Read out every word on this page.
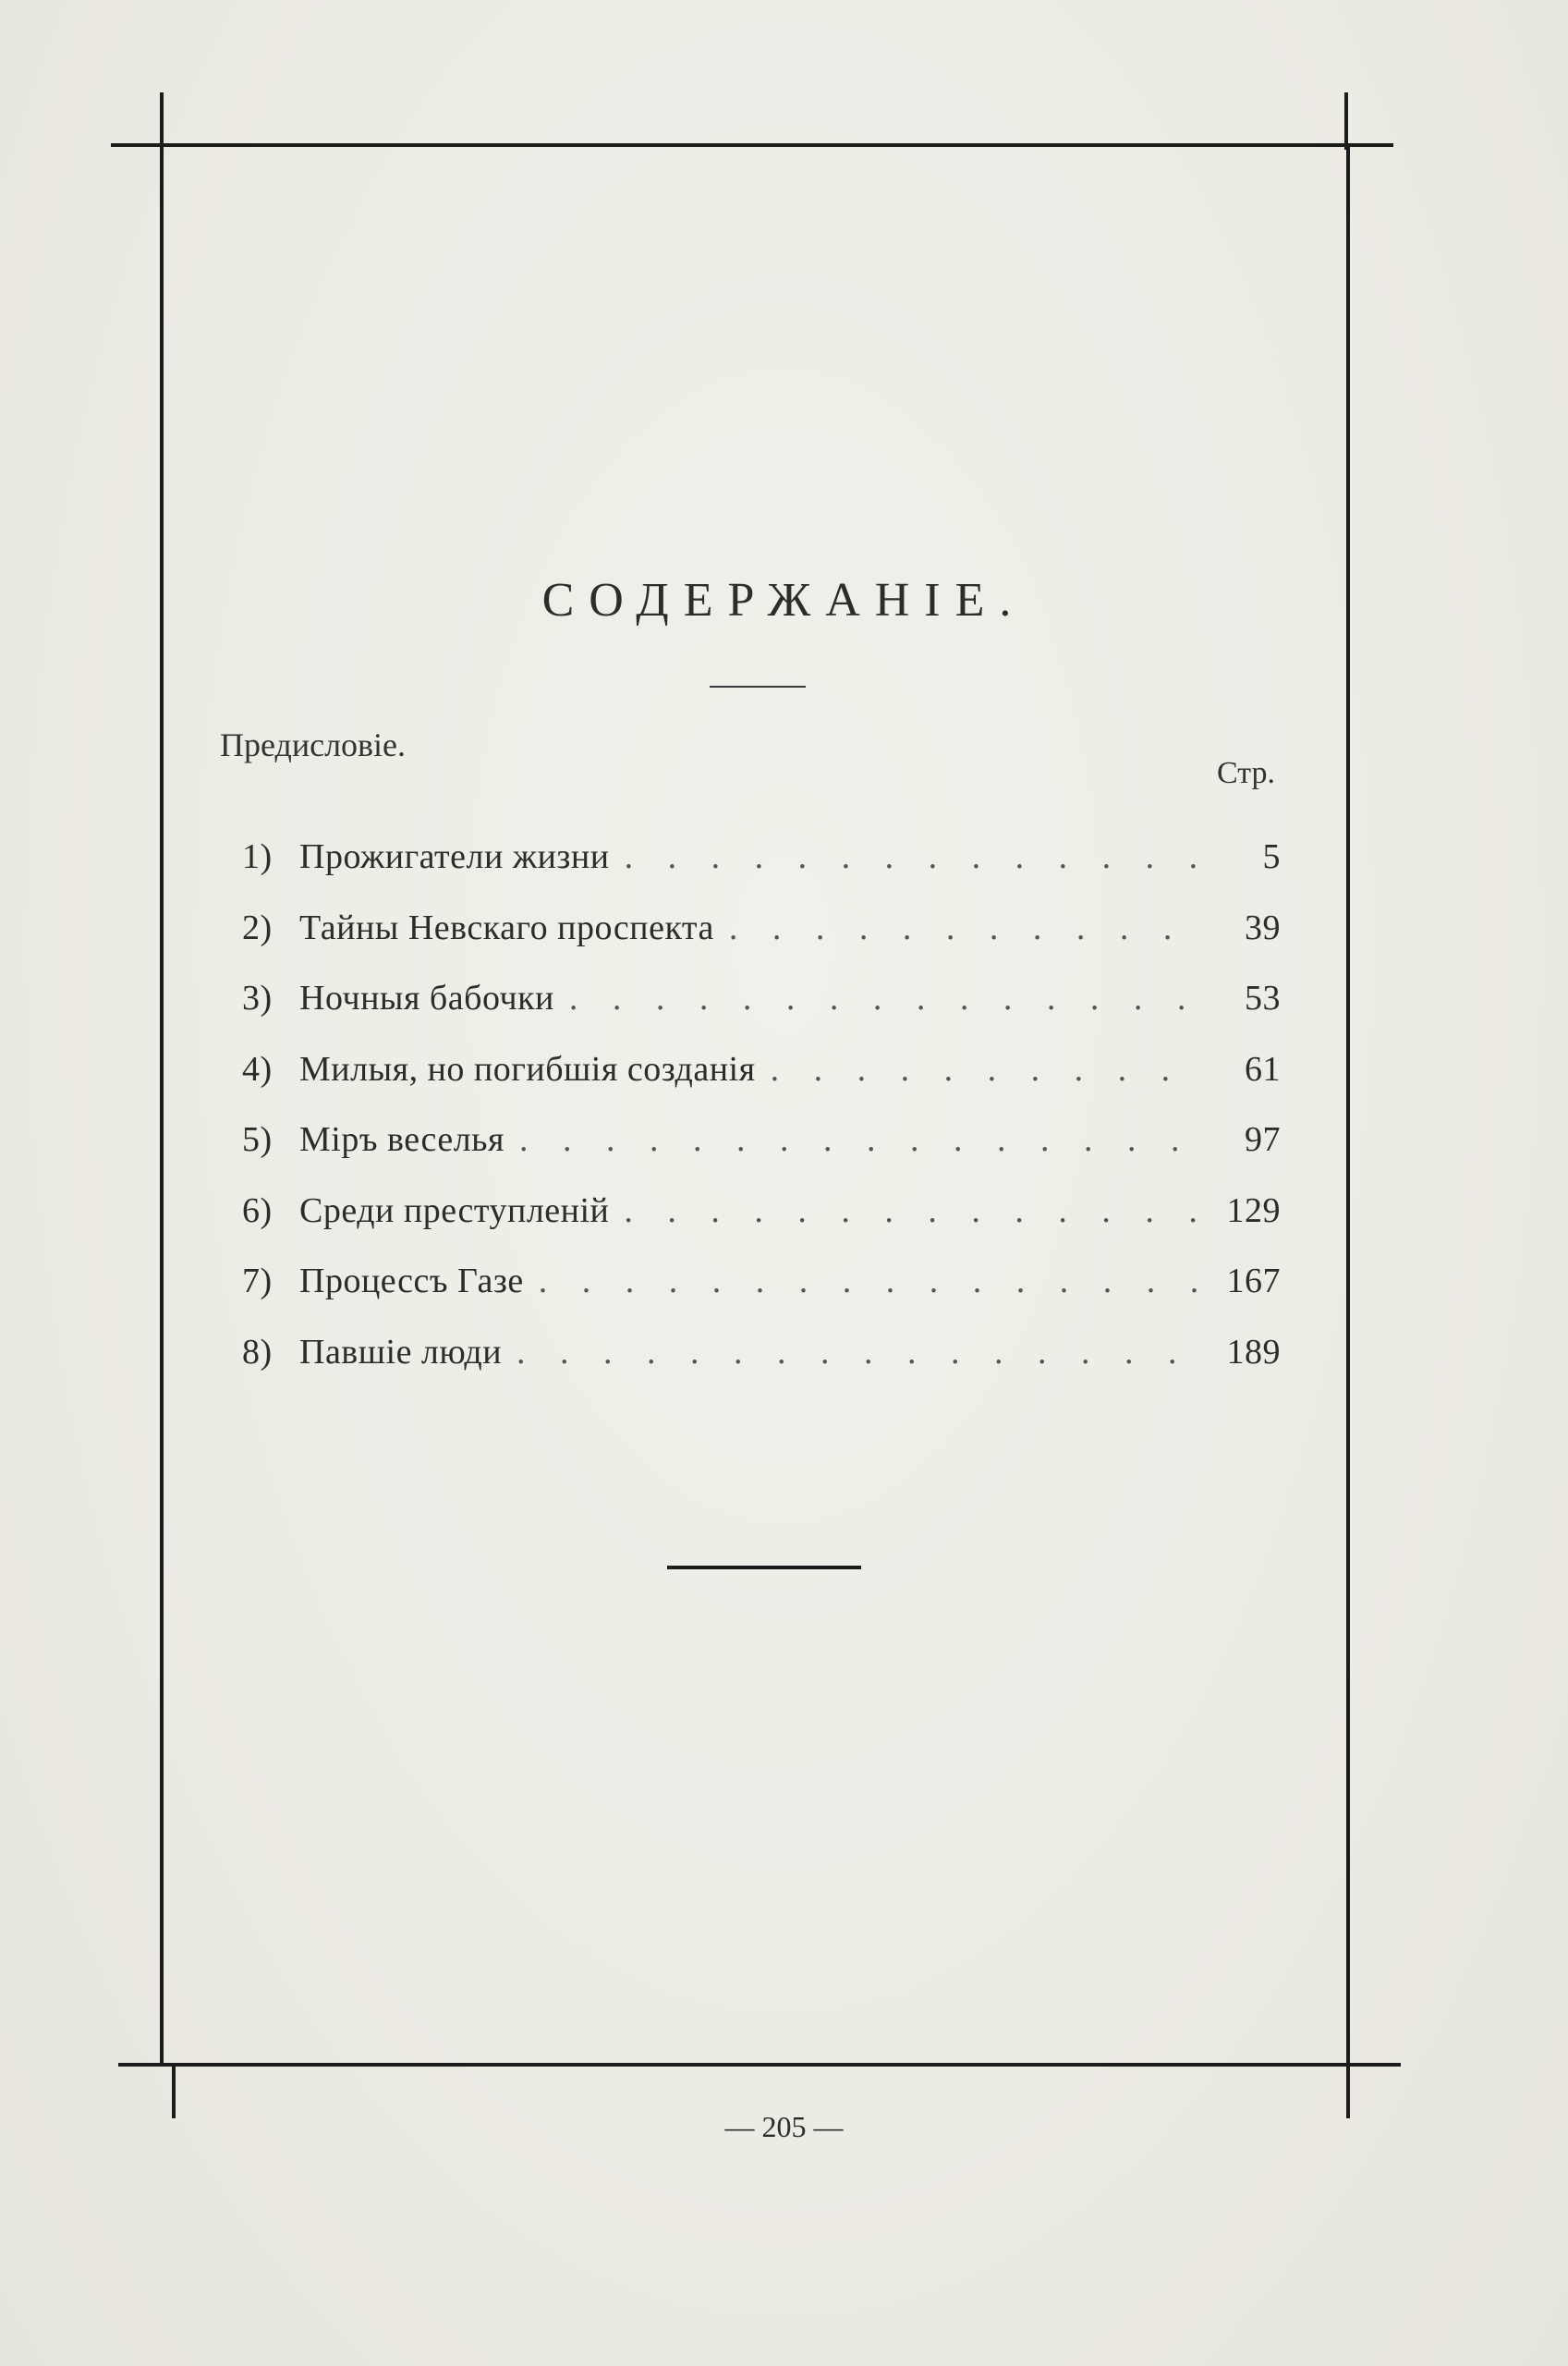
СОДЕРЖАНІЕ.
Предисловіе.
Стр.
1) Прожигатели жизни . . .	5
2) Тайны Невскаго проспекта . . .	39
3) Ночныя бабочки . . .	53
4) Милыя, но погибшія созданія . . .	61
5) Міръ веселья . . .	97
6) Среди преступленій . . .	129
7) Процессъ Газе . . .	167
8) Павшіе люди . . .	189
— 205 —
